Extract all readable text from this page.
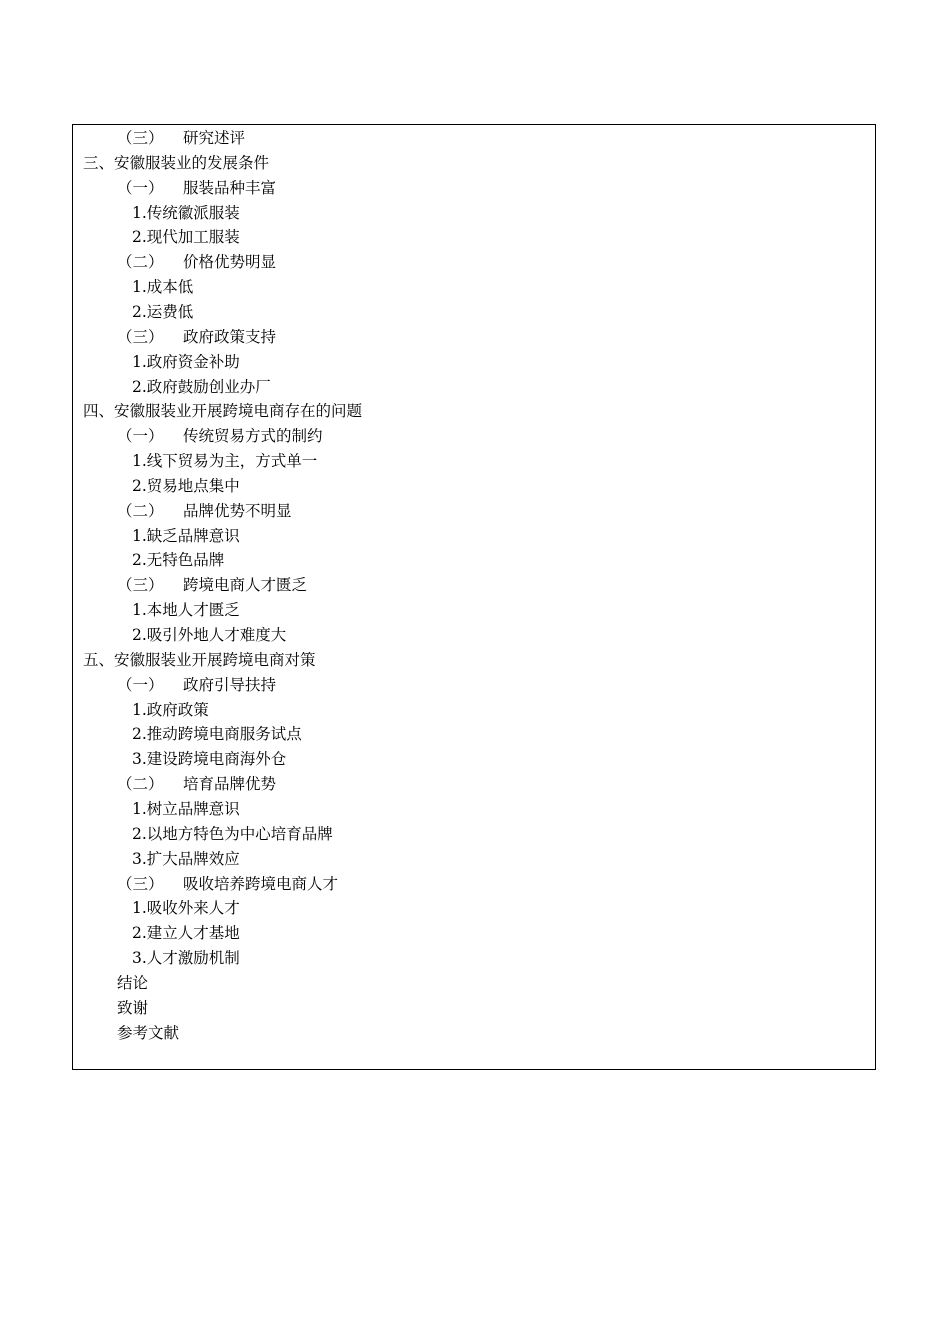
（三） 研究述评
三、安徽服装业的发展条件
（一） 服装品种丰富
1.传统徽派服装
2.现代加工服装
（二） 价格优势明显
1.成本低
2.运费低
（三） 政府政策支持
1.政府资金补助
2.政府鼓励创业办厂
四、安徽服装业开展跨境电商存在的问题
（一） 传统贸易方式的制约
1.线下贸易为主，方式单一
2.贸易地点集中
（二） 品牌优势不明显
1.缺乏品牌意识
2.无特色品牌
（三） 跨境电商人才匮乏
1.本地人才匮乏
2.吸引外地人才难度大
五、安徽服装业开展跨境电商对策
（一） 政府引导扶持
1.政府政策
2.推动跨境电商服务试点
3.建设跨境电商海外仓
（二） 培育品牌优势
1.树立品牌意识
2.以地方特色为中心培育品牌
3.扩大品牌效应
（三） 吸收培养跨境电商人才
1.吸收外来人才
2.建立人才基地
3.人才激励机制
结论
致谢
参考文献
